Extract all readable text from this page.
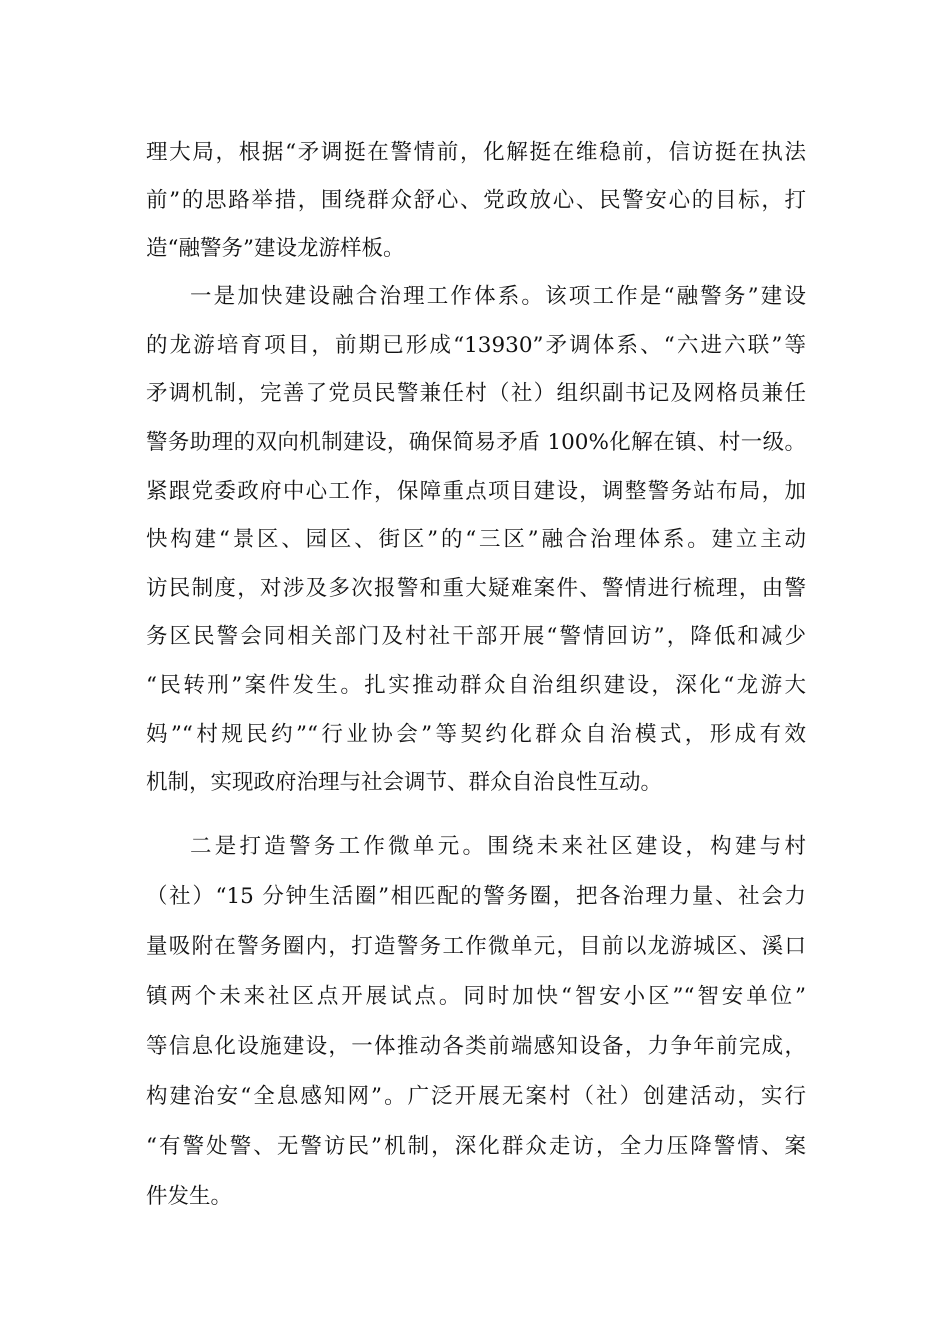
理大局，根据“矛调挺在警情前，化解挺在维稳前，信访挺在执法
前”的思路举措，围绕群众舒心、党政放心、民警安心的目标，打
造“融警务”建设龙游样板。
一是加快建设融合治理工作体系。该项工作是“融警务”建设
的龙游培育项目，前期已形成“13930”矛调体系、“六进六联”等
矛调机制，完善了党员民警兼任村（社）组织副书记及网格员兼任
警务助理的双向机制建设，确保简易矛盾 100%化解在镇、村一级。
紧跟党委政府中心工作，保障重点项目建设，调整警务站布局，加
快构建“景区、园区、街区”的“三区”融合治理体系。建立主动
访民制度，对涉及多次报警和重大疑难案件、警情进行梳理，由警
务区民警会同相关部门及村社干部开展“警情回访”，降低和减少
“民转刑”案件发生。扎实推动群众自治组织建设，深化“龙游大
妈”“村规民约”“行业协会”等契约化群众自治模式，形成有效
机制，实现政府治理与社会调节、群众自治良性互动。
二是打造警务工作微单元。围绕未来社区建设，构建与村
（社）“15 分钟生活圈”相匹配的警务圈，把各治理力量、社会力
量吸附在警务圈内，打造警务工作微单元，目前以龙游城区、溪口
镇两个未来社区点开展试点。同时加快“智安小区”“智安单位”
等信息化设施建设，一体推动各类前端感知设备，力争年前完成，
构建治安“全息感知网”。广泛开展无案村（社）创建活动，实行
“有警处警、无警访民”机制，深化群众走访，全力压降警情、案
件发生。
